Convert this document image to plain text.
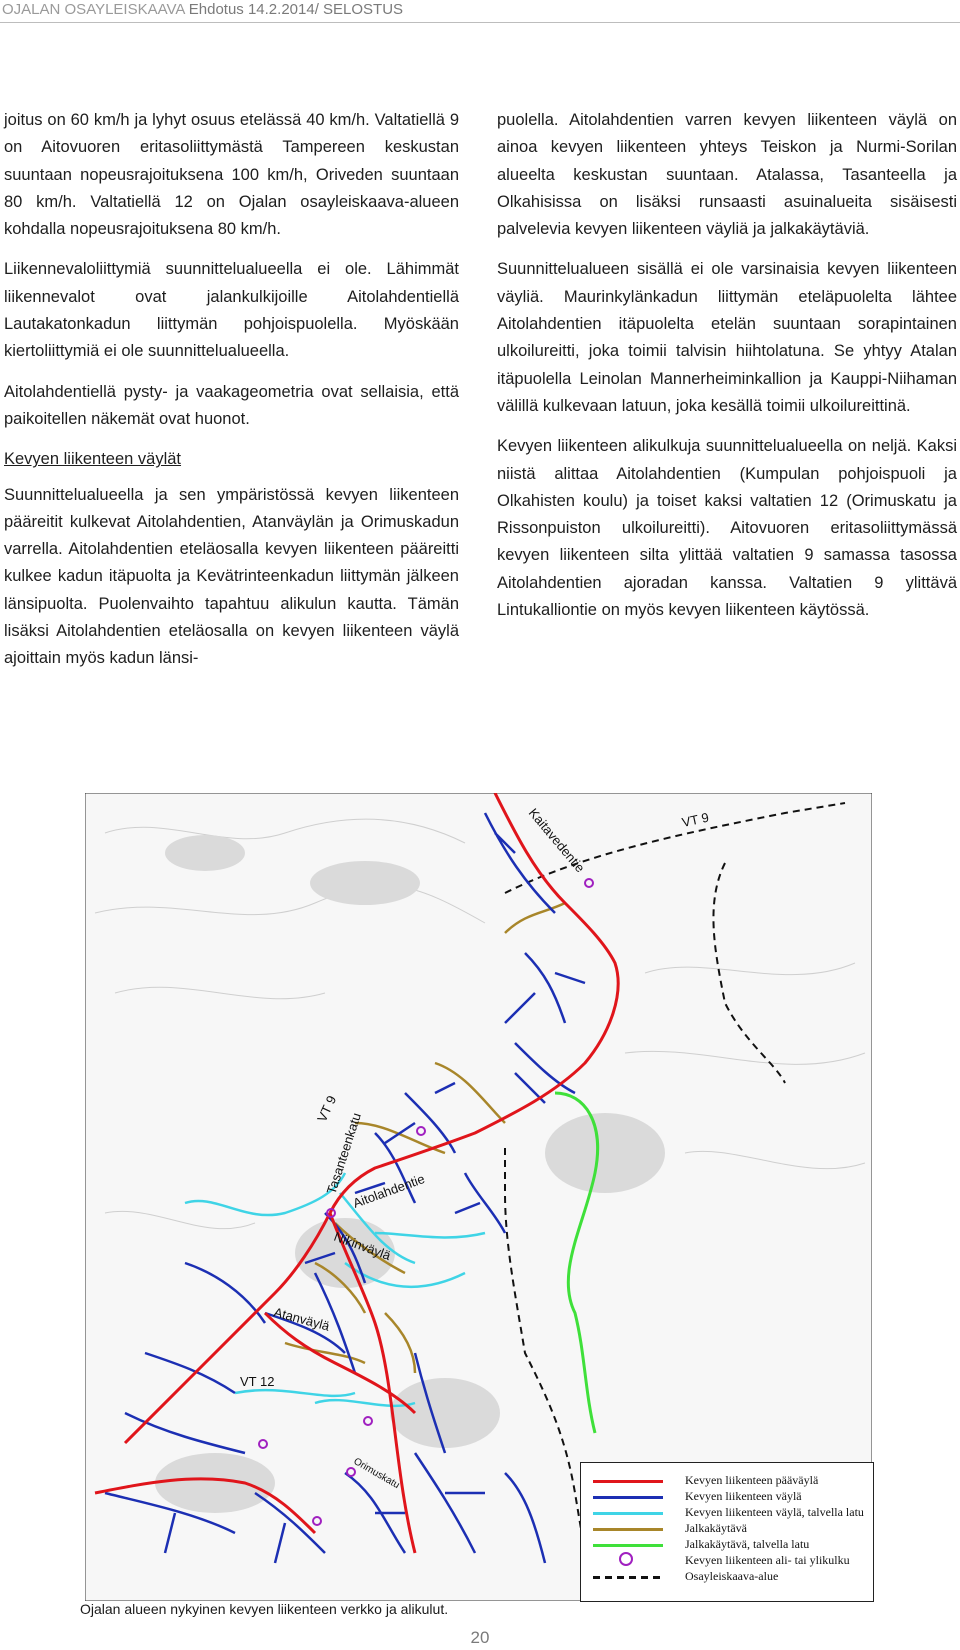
OJALAN OSAYLEISKAAVA Ehdotus 14.2.2014/ SELOSTUS

joitus on 60 km/h ja lyhyt osuus etelässä 40 km/h. Valtatiellä 9 on Aitovuoren eritasoliittymästä Tampereen keskustan suuntaan nopeusrajoituksena 100 km/h, Oriveden suuntaan 80 km/h. Valtatiellä 12 on Ojalan osayleiskaava-alueen kohdalla nopeusrajoituksena 80 km/h.

Liikennevaloliittymiä suunnittelualueella ei ole. Lähimmät liikennevalot ovat jalankulkijoille Aitolahdentiellä Lautakatonkadun liittymän pohjoispuolella. Myöskään kiertoliittymiä ei ole suunnittelualueella.

Aitolahdentiellä pysty- ja vaakageometria ovat sellaisia, että paikoitellen näkemät ovat huonot.

Kevyen liikenteen väylät

Suunnittelualueella ja sen ympäristössä kevyen liikenteen pääreitit kulkevat Aitolahdentien, Atanväylän ja Orimuskadun varrella. Aitolahdentien eteläosalla kevyen liikenteen pääreitti kulkee kadun itäpuolta ja Kevätrinteenkadun liittymän jälkeen länsipuolta. Puolenvaihto tapahtuu alikulun kautta. Tämän lisäksi Aitolahdentien eteläosalla on kevyen liikenteen väylä ajoittain myös kadun länsi-

puolella. Aitolahdentien varren kevyen liikenteen väylä on ainoa kevyen liikenteen yhteys Teiskon ja Nurmi-Sorilan alueelta keskustan suuntaan. Atalassa, Tasanteella ja Olkahisissa on lisäksi runsaasti asuinalueita sisäisesti palvelevia kevyen liikenteen väyliä ja jalkakäytäviä.

Suunnittelualueen sisällä ei ole varsinaisia kevyen liikenteen väyliä. Maurinkylänkadun liittymän eteläpuolelta lähtee Aitolahdentien itäpuolelta etelän suuntaan sorapintainen ulkoilureitti, joka toimii talvisin hiihtolatuna. Se yhtyy Atalan itäpuolella Leinolan Mannerheiminkallion ja Kauppi-Niihaman välillä kulkevaan latuun, joka kesällä toimii ulkoilureittinä.

Kevyen liikenteen alikulkuja suunnittelualueella on neljä. Kaksi niistä alittaa Aitolahdentien (Kumpulan pohjoispuoli ja Olkahisten koulu) ja toiset kaksi valtatien 12 (Orimuskatu ja Rissonpuiston ulkoilureitti). Aitovuoren eritasoliittymässä kevyen liikenteen silta ylittää valtatien 9 samassa tasossa Aitolahdentien ajoradan kanssa. Valtatien 9 ylittävä Lintukalliontie on myös kevyen liikenteen käytössä.

VT 9
Kaitavedentie
VT 9
Tasanteenkatu
Aitolahdentie
Nikinväylä
Atanväylä
VT 12
Orimuskatu	Kevyen liikenteen pääväylä
Kevyen liikenteen väylä
Kevyen liikenteen väylä, talvella latu
Jalkakäytävä
Jalkakäytävä, talvella latu
Kevyen liikenteen ali- tai ylikulku
Osayleiskaava-alue
Ojalan alueen nykyinen kevyen liikenteen verkko ja alikulut.
20
